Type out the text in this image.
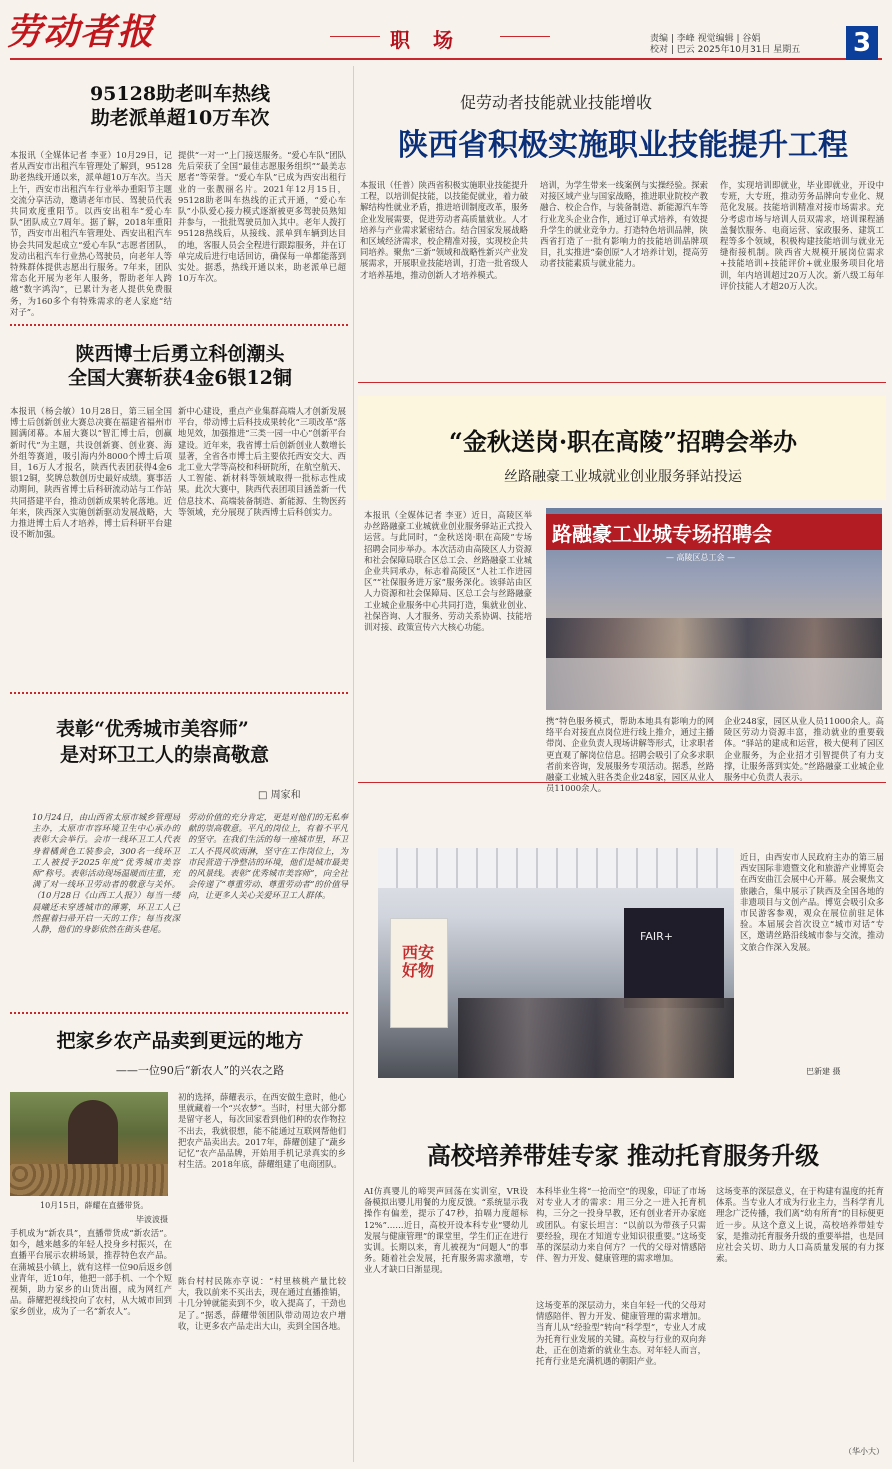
劳动者报	职 场	责编 | 李峰 视觉编辑 | 谷娟
校对 | 巴云 2025年10月31日 星期五 3
95128助老叫车热线
助老派单超10万车次
本报讯（全媒体记者 李亚）10月29日，记者从西安市出租汽车管理处了解到，95128助老热线开通以来，派单超10万车次。当天上午，西安市出租汽车行业举办重阳节主题交流分享活动，邀请老年市民、驾驶员代表共同欢度重阳节。以西安出租车“爱心车队”团队成立7周年。据了解，2018年重阳节，西安市出租汽车管理处、西安出租汽车协会共同发起成立“爱心车队”志愿者团队，发动出租汽车行业热心驾驶员，向老年人等特殊群体提供志愿出行服务。7年来，团队常态化开展为老年人服务，帮助老年人跨越“数字鸿沟”，已累计为老人提供免费服务，为160多个有特殊需求的老人家庭“结对子”。
提供“一对一”上门接送服务。“爱心车队”团队先后荣获了全国“最佳志愿服务组织”“最美志愿者”等荣誉。“爱心车队”已成为西安出租行业的一张靓丽名片。2021年12月15日，95128助老叫车热线的正式开通，“爱心车队”小队爱心接力模式逐渐被更多驾驶员熟知并参与，一批批驾驶员加入其中。老年人拨打95128热线后，从接线、派单到车辆到达目的地，客服人员会全程进行跟踪服务，并在订单完成后进行电话回访，确保每一单都能落到实处。据悉，热线开通以来，助老派单已超10万车次。
促劳动者技能就业技能增收
陕西省积极实施职业技能提升工程
本报讯（任普）陕西省积极实施职业技能提升工程，以培训促技能，以技能促就业，着力破解结构性就业矛盾，推进培训制度改革，服务企业发展需要，促进劳动者高质量就业。人才培养与产业需求紧密结合。结合国家发展战略和区域经济需求，校企精准对接，实现校企共同培养。聚焦“三新”领域和战略性新兴产业发展需求，开展职业技能培训，打造一批省级人才培养基地，推动创新人才培养模式。
培训，为学生带来一线案例与实操经验。探索对接区域产业与国家战略，推进职业院校产教融合、校企合作，与装备制造、新能源汽车等行业龙头企业合作，通过订单式培养，有效提升学生的就业竞争力。打造特色培训品牌，陕西省打造了一批有影响力的技能培训品牌项目，扎实推进“秦创原”人才培养计划，提高劳动者技能素质与就业能力。
作，实现培训即就业，毕业即就业，开设中专班，大专班，推动劳务品牌向专业化、规范化发展。技能培训精准对接市场需求。充分考虑市场与培训人员双需求，培训课程涵盖餐饮服务、电商运营、家政服务、建筑工程等多个领域，积极构建技能培训与就业无缝衔接机制。陕西省大规模开展岗位需求+技能培训+技能评价+就业服务项目化培训，年内培训超过20万人次。新八级工每年评价技能人才超20万人次。
陕西博士后勇立科创潮头
全国大赛斩获4金6银12铜
本报讯（杨会敏）10月28日，第三届全国博士后创新创业大赛总决赛在福建省福州市圆满闭幕。本届大赛以“智汇博士后，创赢新时代”为主题，共设创新赛、创业赛、海外组等赛道，吸引海内外8000个博士后项目，16万人才报名，陕西代表团获得4金6银12铜，奖牌总数创历史最好成绩。赛事活动期间，陕西省博士后科研流动站与工作站共同搭建平台，推动创新成果转化落地。近年来，陕西深入实施创新驱动发展战略，大力推进博士后人才培养，博士后科研平台建设不断加强。
新中心建设，重点产业集群高端人才创新发展平台，带动博士后科技成果转化“三项改革”落地见效，加强推进“三类一园一中心”创新平台建设。近年来，我省博士后创新创业人数增长显著，全省各市博士后主要依托西安交大、西北工业大学等高校和科研院所，在航空航天、人工智能、新材料等领域取得一批标志性成果。此次大赛中，陕西代表团项目涵盖新一代信息技术、高端装备制造、新能源、生物医药等领域，充分展现了陕西博士后科创实力。
“金秋送岗·职在高陵”招聘会举办
丝路融豪工业城就业创业服务驿站投运
本报讯（全媒体记者 李亚）近日，高陵区举办丝路融豪工业城就业创业服务驿站正式投入运营。与此同时，“金秋送岗·职在高陵”专场招聘会同步举办。本次活动由高陵区人力资源和社会保障局联合区总工会、丝路融豪工业城企业共同承办，标志着高陵区“人社工作进园区”“社保服务进万家”服务深化。该驿站由区人力资源和社会保障局、区总工会与丝路融豪工业城企业服务中心共同打造，集就业创业、社保咨询、人才服务、劳动关系协调、技能培训对接、政策宣传六大核心功能。
路融豪工业城专场招聘会
— 高陵区总工会 —
携“特色服务模式，帮助本地具有影响力的网络平台对接直点岗位进行线上推介，通过主播带岗、企业负责人现场讲解等形式，让求职者更直观了解岗位信息。招聘会吸引了众多求职者前来咨询，发展服务专项活动。据悉，丝路融豪工业城入驻各类企业248家，园区从业人员11000余人。
企业248家，园区从业人员11000余人。高陵区劳动力资源丰富，推动就业的重要载体。“驿站的建成和运营，极大便利了园区企业服务，为企业招才引智提供了有力支撑，让服务落到实处。”丝路融豪工业城企业服务中心负责人表示。
表彰“优秀城市美容师”
是对环卫工人的崇高敬意
□ 周家和
10月24日，由山西省太原市城乡管理局主办，太原市市容环境卫生中心承办的表彰大会举行。会市一线环卫工人代表身着橘黄色工装参会，300名一线环卫工人被授予2025年度“优秀城市美容师”称号。表彰活动现场温暖而庄重，充满了对一线环卫劳动者的敬意与关怀。（10月28日《山西工人报》）每当一缕晨曦还未穿透城市的薄雾，环卫工人已然握着扫帚开启一天的工作；每当夜深人静，他们的身影依然在街头巷尾。
劳动价值的充分肯定，更是对他们的无私奉献的崇高敬意。平凡的岗位上，有着不平凡的坚守。在我们生活的每一座城市里，环卫工人不畏风吹雨淋，坚守在工作岗位上，为市民营造干净整洁的环境，他们是城市最美的风景线。表彰“优秀城市美容师”，向全社会传递了“尊重劳动、尊重劳动者”的价值导向，让更多人关心关爱环卫工人群体。
西安好物
FAIR+
近日，由西安市人民政府主办的第三届西安国际非遗暨文化和旅游产业博览会在西安曲江会展中心开幕。展会聚焦文旅融合，集中展示了陕西及全国各地的非遗项目与文创产品。博览会吸引众多市民游客参观，观众在展位前驻足体验。本届展会首次设立“城市对话”专区，邀请丝路沿线城市参与交流，推动文旅合作深入发展。
巴新建 摄
把家乡农产品卖到更远的地方
——一位90后“新农人”的兴农之路
10月15日，薛耀在直播带货。
毕波波摄
手机成为“新农具”，直播带货成“新农活”。如今，越来越多的年轻人投身乡村振兴，在直播平台展示农耕场景，推荐特色农产品。在蒲城县小镇上，就有这样一位90后返乡创业青年，近10年，他把一部手机、一个个短视频，助力家乡的山货出圈，成为网红产品。薛耀把视线投向了农村，从大城市回到家乡创业，成为了一名“新农人”。
初的选择，薛耀表示，在西安做生意时，他心里就藏着一个“兴农梦”。当时，村里大部分都是留守老人，每次回家看到他们种的农作物拉不出去，我就很想，能不能通过互联网帮他们把农产品卖出去。2017年，薛耀创建了“蔬乡记忆”农产品品牌，开始用手机记录真实的乡村生活。2018年底，薛耀组建了电商团队。
陈台村村民陈亦亨说：“村里核桃产量比较大，我以前来不买出去，现在通过直播推销，十几分钟就能卖到不少，收入提高了，干劲也足了。”据悉，薛耀带领团队带动周边农户增收，让更多农产品走出大山，卖到全国各地。
高校培养带娃专家 推动托育服务升级
AI仿真婴儿的啼哭声回荡在实训室，VR设备模拟出婴儿用餐的力度反馈。“系统显示我操作有偏差，提示了47秒，拍嗝力度超标12%”……近日，高校开设本科专业“婴幼儿发展与健康管理”的课堂里，学生们正在进行实训。长期以来，育儿被视为“问题人”的事务。随着社会发展，托育服务需求激增，专业人才缺口日渐显现。
本科毕业生将“一抢而空”的现象，印证了市场对专业人才的需求：用三分之一进入托育机构，三分之一投身早教，还有创业者开办家庭或团队。有家长坦言：“以前以为带孩子只需要经验，现在才知道专业知识很重要。”这场变革的深层动力来自何方？一代的父母对情感陪伴、智力开发、健康管理的需求增加。
这场变革的深层动力，来自年轻一代的父母对情感陪伴、智力开发、健康管理的需求增加。当育儿从“经验型”转向“科学型”，专业人才成为托育行业发展的关键。高校与行业的双向奔赴，正在创造新的就业生态。对年轻人而言，托育行业是充满机遇的朝阳产业。
这场变革的深层意义，在于构建有温度的托育体系。当专业人才成为行业主力，当科学育儿理念广泛传播，我们离“幼有所育”的目标便更近一步。从这个意义上说，高校培养带娃专家，是推动托育服务升级的重要举措，也是回应社会关切、助力人口高质量发展的有力探索。
（华小大）
